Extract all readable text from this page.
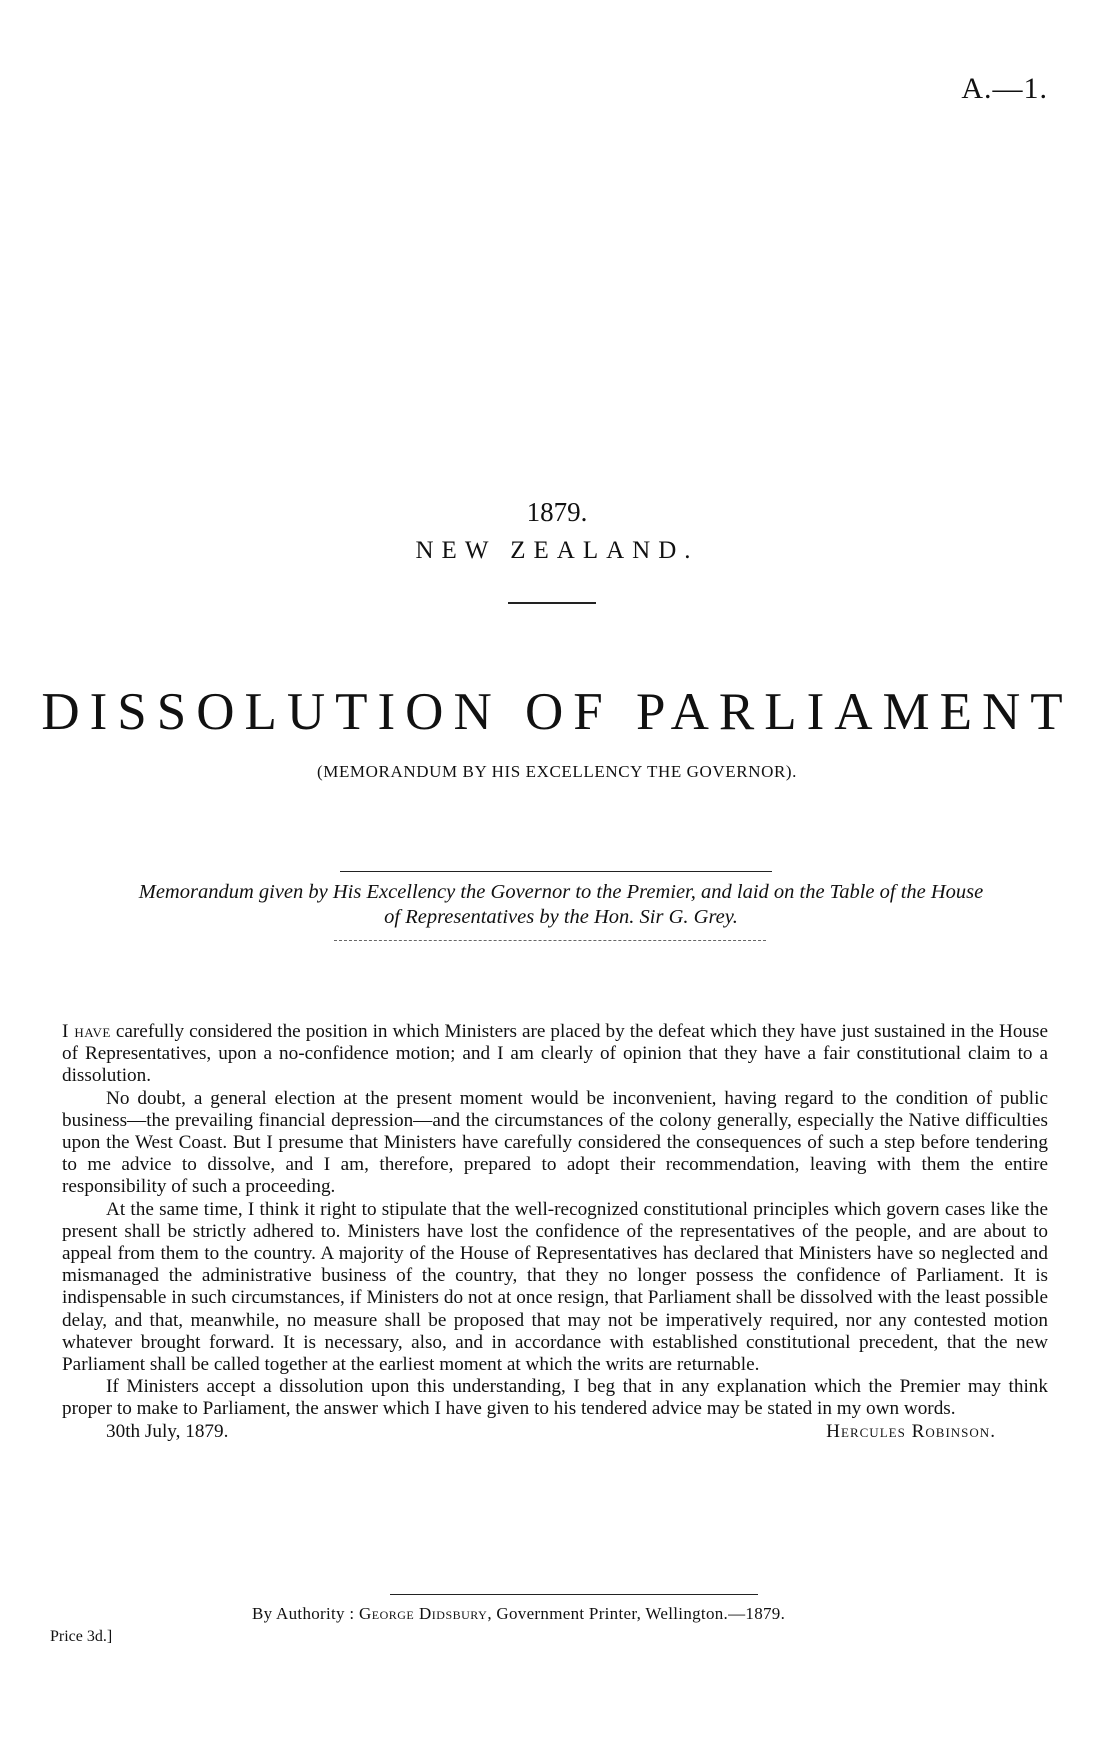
A.—1.
1879.
NEW ZEALAND.
DISSOLUTION OF PARLIAMENT
(MEMORANDUM BY HIS EXCELLENCY THE GOVERNOR).
Memorandum given by His Excellency the Governor to the Premier, and laid on the Table of the House
of Representatives by the Hon. Sir G. Grey.

I have carefully considered the position in which Ministers are placed by the defeat which they have just sustained in the House of Representatives, upon a no-confidence motion; and I am clearly of opinion that they have a fair constitutional claim to a dissolution.

No doubt, a general election at the present moment would be inconvenient, having regard to the condition of public business—the prevailing financial depression—and the circumstances of the colony generally, especially the Native difficulties upon the West Coast. But I presume that Ministers have carefully considered the consequences of such a step before tendering to me advice to dissolve, and I am, therefore, prepared to adopt their recommendation, leaving with them the entire responsibility of such a proceeding.

At the same time, I think it right to stipulate that the well-recognized constitutional principles which govern cases like the present shall be strictly adhered to. Ministers have lost the confidence of the representatives of the people, and are about to appeal from them to the country. A majority of the House of Representatives has declared that Ministers have so neglected and mismanaged the administrative business of the country, that they no longer possess the confidence of Parliament. It is indispensable in such circumstances, if Ministers do not at once resign, that Parliament shall be dissolved with the least possible delay, and that, meanwhile, no measure shall be proposed that may not be imperatively required, nor any contested motion whatever brought forward. It is necessary, also, and in accordance with established constitutional precedent, that the new Parliament shall be called together at the earliest moment at which the writs are returnable.

If Ministers accept a dissolution upon this understanding, I beg that in any explanation which the Premier may think proper to make to Parliament, the answer which I have given to his tendered advice may be stated in my own words.

30th July, 1879.	Hercules Robinson.
By Authority : George Didsbury, Government Printer, Wellington.—1879.
Price 3d.]
